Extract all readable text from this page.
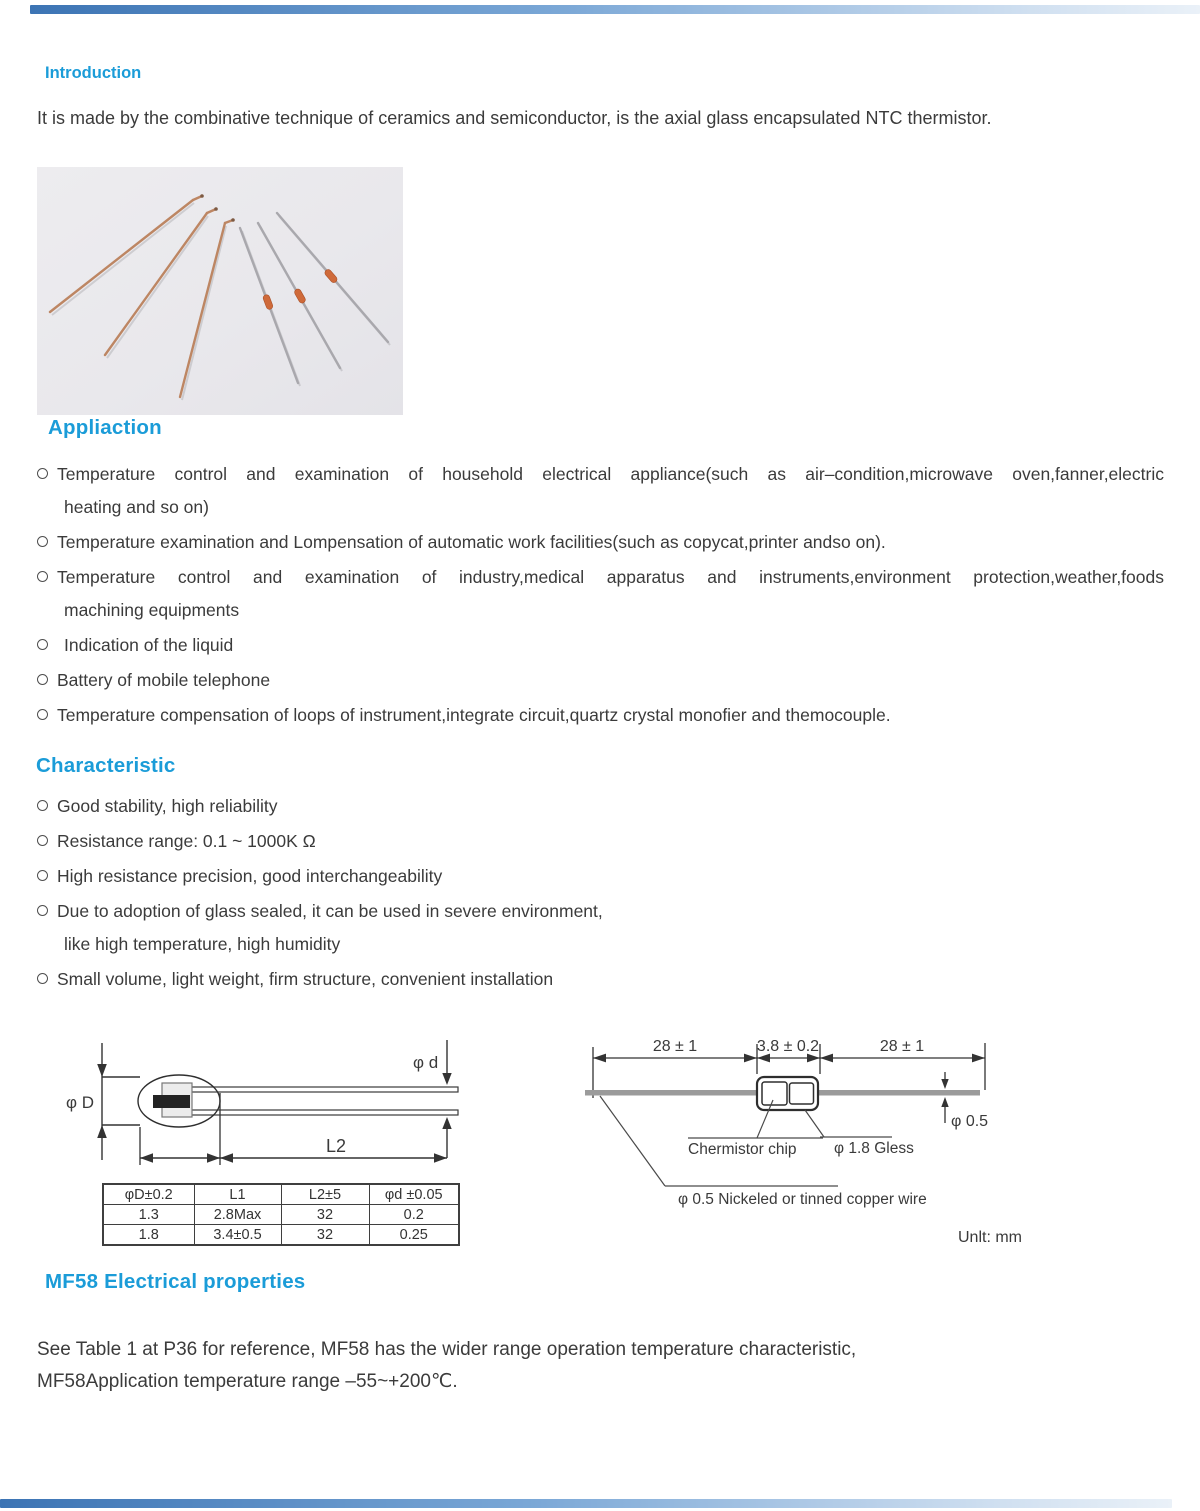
Introduction
It is made by the combinative technique of ceramics and semiconductor, is the axial glass encapsulated NTC thermistor.
Appliaction
Temperature control and examination of household electrical appliance(such as air–condition,microwave oven,fanner,electric
heating and so on)
Temperature examination and Lompensation of automatic work facilities(such as copycat,printer andso on).
Temperature control and examination of industry,medical apparatus and instruments,environment protection,weather,foods
machining equipments
Indication of the liquid
Battery of mobile telephone
Temperature compensation of loops of instrument,integrate circuit,quartz crystal monofier and themocouple.
Characteristic
Good stability, high reliability
Resistance range: 0.1 ~ 1000K Ω
High resistance precision, good interchangeability
Due to adoption of glass sealed, it can be used in severe environment,
like high temperature, high humidity
Small volume, light weight, firm structure, convenient installation
φ D
φ d
L2
φD±0.2	L1	L2±5	φd ±0.05
1.3	2.8Max	32	0.2
1.8	3.4±0.5	32	0.25
28 ± 1	3.8 ± 0.2	28 ± 1
φ 0.5
Chermistor chip φ 1.8 Gless
φ 0.5 Nickeled or tinned copper wire
Unlt: mm
MF58 Electrical properties
See Table 1 at P36 for reference, MF58 has the wider range operation temperature characteristic,
MF58Application temperature range –55~+200℃.
